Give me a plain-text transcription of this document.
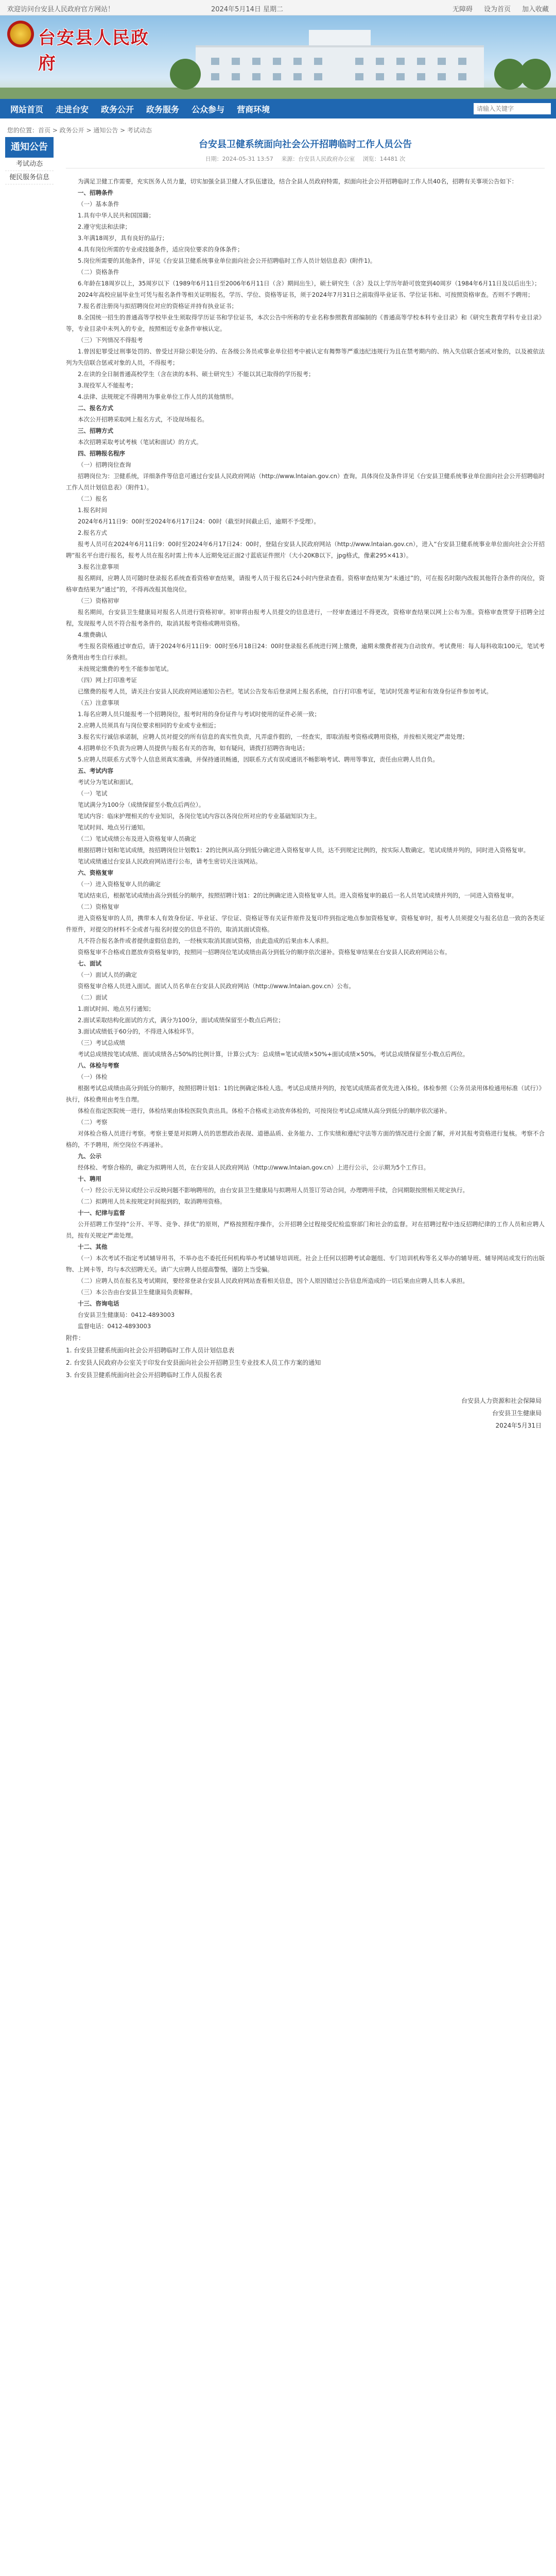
欢迎访问台安县人民政府官方网站！	2024年5月14日 星期二	无障碍 设为首页 加入收藏
台安县人民政府
网站首页	走进台安	政务公开	政务服务	公众参与	营商环境
请输入关键字
您的位置：首页 > 政务公开 > 通知公告 > 考试动态
通知公告
考试动态
便民服务信息
台安县卫健系统面向社会公开招聘临时工作人员公告
日期：2024-05-31 13:57 来源：台安县人民政府办公室 浏览：14481 次

为满足卫健工作需要，充实医务人员力量，切实加强全县卫健人才队伍建设，结合全县人员政府特需，拟面向社会公开招聘临时工作人员40名，招聘有关事项公告如下：

一、招聘条件

（一）基本条件

1.具有中华人民共和国国籍；

2.遵守宪法和法律；

3.年满18周岁，具有良好的品行；

4.具有岗位所需的专业或技能条件，适应岗位要求的身体条件；

5.岗位所需要的其他条件，详见《台安县卫健系统事业单位面向社会公开招聘临时工作人员计划信息表》(附件1)。

（二）资格条件

6.年龄在18周岁以上，35周岁以下（1989年6月11日至2006年6月11日（含）期间出生），硕士研究生（含）及以上学历年龄可放宽到40周岁（1984年6月11日及以后出生）；

2024年高校应届毕业生可凭与报名条件等相关证明报名，学历、学位、资格等证书，须于2024年7月31日之前取得毕业证书、学位证书和、可按照资格审查。否则不予聘用；

7.报名者注册岗与拟招聘岗位对应的资格证并持有执业证书；

8.全国统一招生的普通高等学校毕业生须取得学历证书和学位证书，本次公告中所称的专业名称参照教育部编制的《普通高等学校本科专业目录》和《研究生教育学科专业目录》等，专业目录中未列入的专业，按照相近专业条件审核认定。

（三）下列情况不得报考

1.曾因犯罪受过刑事处罚的、曾受过开除公职处分的、在各级公务员或事业单位招考中被认定有舞弊等严重违纪违规行为且在禁考期内的、纳入失信联合惩戒对象的，以及被依法列为失信联合惩戒对象的人员，不得报考；

2.在读的全日制普通高校学生（含在读的本科、硕士研究生）不能以其已取得的学历报考；

3.现役军人不能报考；

4.法律、法规规定不得聘用为事业单位工作人员的其他情形。

二、报名方式

本次公开招聘采取网上报名方式，不设现场报名。

三、招聘方式

本次招聘采取考试考核（笔试和面试）的方式。

四、招聘报名程序

（一）招聘岗位查询

招聘岗位为：卫健系统，详细条件等信息可通过台安县人民政府网站（http://www.lntaian.gov.cn）查询。具体岗位及条件详见《台安县卫健系统事业单位面向社会公开招聘临时工作人员计划信息表》（附件1）。

（二）报名

1.报名时间

2024年6月11日9：00时至2024年6月17日24：00时（截至时间截止后，逾期不予受理）。

2.报名方式

报考人员可在2024年6月11日9：00时至2024年6月17日24：00时，登陆台安县人民政府网站（http://www.lntaian.gov.cn），进入“台安县卫健系统事业单位面向社会公开招聘”报名平台进行报名，报考人员在报名时需上传本人近期免冠正面2寸蓝底证件照片（大小20KB以下，jpg格式，像素295×413）。

3.报名注意事项

报名期间，应聘人员可随时登录报名系统查看资格审查结果，请报考人员于报名后24小时内登录查看。资格审查结果为“未通过”的，可在报名时限内改报其他符合条件的岗位，资格审查结果为“通过”的，不得再改报其他岗位。

（三）资格初审

报名期间，台安县卫生健康局对报名人员进行资格初审。初审将由报考人员提交的信息进行，一经审查通过不得更改，资格审查结果以网上公布为准。资格审查贯穿于招聘全过程，发现报考人员不符合报考条件的，取消其报考资格或聘用资格。

4.缴费确认

考生报名资格通过审查后，请于2024年6月11日9：00时至6月18日24：00时登录报名系统进行网上缴费，逾期未缴费者视为自动放弃。考试费用：每人每科收取100元，笔试考务费用由考生自行承担。

未按规定缴费的考生不能参加笔试。

（四）网上打印准考证

已缴费的报考人员，请关注台安县人民政府网站通知公告栏。笔试公告发布后登录网上报名系统，自行打印准考证，笔试时凭准考证和有效身份证件参加考试。

（五）注意事项

1.每名应聘人员只能报考一个招聘岗位，报考时用的身份证件与考试时使用的证件必须一致；

2.应聘人员须具有与岗位要求相同的专业或专业相近；

3.报名实行诚信承诺制，应聘人员对提交的所有信息的真实性负责，凡弄虚作假的，一经查实，即取消报考资格或聘用资格，并按相关规定严肃处理；

4.招聘单位不负责为应聘人员提供与报名有关的咨询，如有疑问，请拨打招聘咨询电话；

5.应聘人员联系方式等个人信息须真实准确，并保持通讯畅通，因联系方式有误或通讯不畅影响考试、聘用等事宜，责任由应聘人员自负。

五、考试内容

考试分为笔试和面试。

（一）笔试

笔试满分为100分（成绩保留至小数点后两位）。

笔试内容：临床护理相关的专业知识，各岗位笔试内容以各岗位所对应的专业基础知识为主。

笔试时间、地点另行通知。

（二）笔试成绩公布及进入资格复审人员确定

根据招聘计划和笔试成绩，按招聘岗位计划数1：2的比例从高分到低分确定进入资格复审人员，达不到规定比例的，按实际人数确定。笔试成绩并列的，同时进入资格复审。

笔试成绩通过台安县人民政府网站进行公布，请考生密切关注该网站。

六、资格复审

（一）进入资格复审人员的确定

笔试结束后，根据笔试成绩由高分到低分的顺序，按照招聘计划1：2的比例确定进入资格复审人员。进入资格复审的最后一名人员笔试成绩并列的，一同进入资格复审。

（二）资格复审

进入资格复审的人员，携带本人有效身份证、毕业证、学位证、资格证等有关证件原件及复印件到指定地点参加资格复审。资格复审时，报考人员须提交与报名信息一致的各类证件原件，对提交的材料不全或者与报名时提交的信息不符的，取消其面试资格。

凡不符合报名条件或者提供虚假信息的，一经核实取消其面试资格，由此造成的后果由本人承担。

资格复审不合格或自愿放弃资格复审的，按照同一招聘岗位笔试成绩由高分到低分的顺序依次递补。资格复审结果在台安县人民政府网站公布。

七、面试

（一）面试人员的确定

资格复审合格人员进入面试。面试人员名单在台安县人民政府网站（http://www.lntaian.gov.cn）公布。

（二）面试

1.面试时间、地点另行通知；

2.面试采取结构化面试的方式，满分为100分，面试成绩保留至小数点后两位；

3.面试成绩低于60分的，不得进入体检环节。

（三）考试总成绩

考试总成绩按笔试成绩、面试成绩各占50%的比例计算，计算公式为：总成绩=笔试成绩×50%+面试成绩×50%。考试总成绩保留至小数点后两位。

八、体检与考察

（一）体检

根据考试总成绩由高分到低分的顺序，按照招聘计划1：1的比例确定体检人选。考试总成绩并列的，按笔试成绩高者优先进入体检。体检参照《公务员录用体检通用标准（试行）》执行，体检费用由考生自理。

体检在指定医院统一进行，体检结果由体检医院负责出具。体检不合格或主动放弃体检的，可按岗位考试总成绩从高分到低分的顺序依次递补。

（二）考察

对体检合格人员进行考察。考察主要是对拟聘人员的思想政治表现、道德品质、业务能力、工作实绩和遵纪守法等方面的情况进行全面了解，并对其报考资格进行复核。考察不合格的，不予聘用，所空岗位不再递补。

九、公示

经体检、考察合格的，确定为拟聘用人员，在台安县人民政府网站（http://www.lntaian.gov.cn）上进行公示，公示期为5个工作日。

十、聘用

（一）经公示无异议或经公示反映问题不影响聘用的，由台安县卫生健康局与拟聘用人员签订劳动合同，办理聘用手续，合同期限按照相关规定执行。

（二）拟聘用人员未按规定时间报到的，取消聘用资格。

十一、纪律与监督

公开招聘工作坚持“公开、平等、竞争、择优”的原则，严格按照程序操作，公开招聘全过程接受纪检监察部门和社会的监督。对在招聘过程中违反招聘纪律的工作人员和应聘人员，按有关规定严肃处理。

十二、其他

（一）本次考试不指定考试辅导用书，不举办也不委托任何机构举办考试辅导培训班。社会上任何以招聘考试命题组、专门培训机构等名义举办的辅导班、辅导网站或发行的出版物、上网卡等，均与本次招聘无关。请广大应聘人员提高警惕，谨防上当受骗。

（二）应聘人员在报名及考试期间，要经常登录台安县人民政府网站查看相关信息，因个人原因错过公告信息所造成的一切后果由应聘人员本人承担。

（三）本公告由台安县卫生健康局负责解释。

十三、咨询电话

台安县卫生健康局：0412-4893003

监督电话：0412-4893003

附件：

1. 台安县卫健系统面向社会公开招聘临时工作人员计划信息表

2. 台安县人民政府办公室关于印发台安县面向社会公开招聘卫生专业技术人员工作方案的通知

3. 台安县卫健系统面向社会公开招聘临时工作人员报名表

台安县人力资源和社会保障局

台安县卫生健康局

2024年5月31日
